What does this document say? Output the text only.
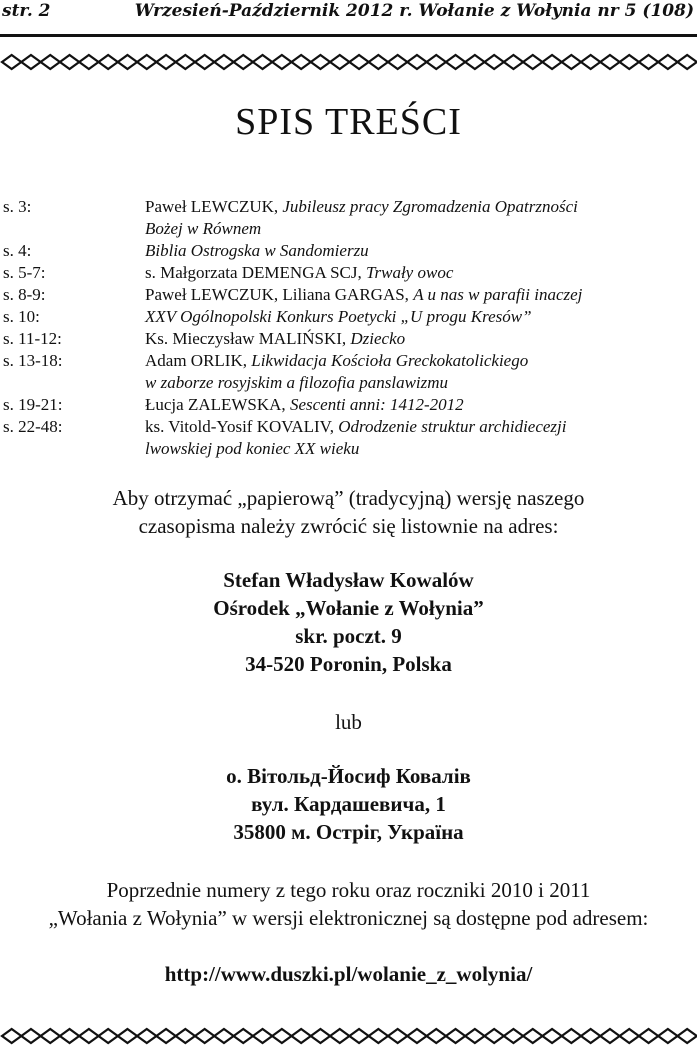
str. 2	Wrzesień-Październik 2012 r. Wołanie z Wołynia nr 5 (108)
SPIS TREŚCI
s. 3:	Paweł LEWCZUK, Jubileusz pracy Zgromadzenia Opatrzności
Bożej w Równem
s. 4:	Biblia Ostrogska w Sandomierzu
s. 5-7:	s. Małgorzata DEMENGA SCJ, Trwały owoc
s. 8-9:	Paweł LEWCZUK, Liliana GARGAS, A u nas w parafii inaczej
s. 10:	XXV Ogólnopolski Konkurs Poetycki „U progu Kresów”
s. 11-12:	Ks. Mieczysław MALIŃSKI, Dziecko
s. 13-18:	Adam ORLIK, Likwidacja Kościoła Greckokatolickiego
w zaborze rosyjskim a filozofia panslawizmu
s. 19-21:	Łucja ZALEWSKA, Sescenti anni: 1412-2012
s. 22-48:	ks. Vitold-Yosif KOVALIV, Odrodzenie struktur archidiecezji
lwowskiej pod koniec XX wieku
Aby otrzymać „papierową” (tradycyjną) wersję naszego
czasopisma należy zwrócić się listownie na adres:
Stefan Władysław Kowalów
Ośrodek „Wołanie z Wołynia”
skr. poczt. 9
34-520 Poronin, Polska
lub
о. Вітольд-Йосиф Ковалів
вул. Кардашевича, 1
35800 м. Острiг, Україна
Poprzednie numery z tego roku oraz roczniki 2010 i 2011
„Wołania z Wołynia” w wersji elektronicznej są dostępne pod adresem:
http://www.duszki.pl/wolanie_z_wolynia/
